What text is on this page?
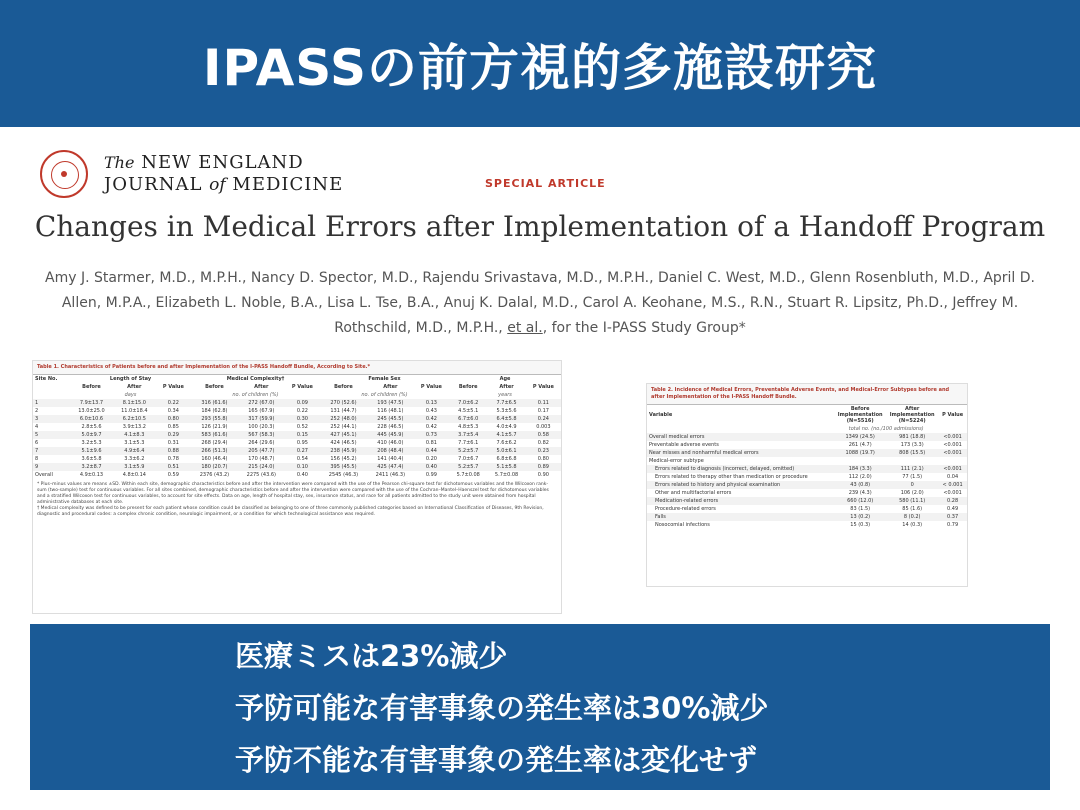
IPASSの前方視的多施設研究
The NEW ENGLAND
JOURNAL of MEDICINE	SPECIAL ARTICLE
Changes in Medical Errors after Implementation of a Handoff Program
Amy J. Starmer, M.D., M.P.H., Nancy D. Spector, M.D., Rajendu Srivastava, M.D., M.P.H., Daniel C. West, M.D., Glenn Rosenbluth, M.D., April D. Allen, M.P.A., Elizabeth L. Noble, B.A., Lisa L. Tse, B.A., Anuj K. Dalal, M.D., Carol A. Keohane, M.S., R.N., Stuart R. Lipsitz, Ph.D., Jeffrey M. Rothschild, M.D., M.P.H., et al., for the I-PASS Study Group*
Table 1. Characteristics of Patients before and after Implementation of the I-PASS Handoff Bundle, According to Site.*
Site No.	Length of Stay			Medical Complexity†			Female Sex			Age		
	Before	After	P Value	Before	After	P Value	Before	After	P Value	Before	After	P Value
	days			no. of children (%)			no. of children (%)			years		
1	7.9±13.7	8.1±15.0	0.22	316 (61.6)	272 (67.0)	0.09	270 (52.6)	193 (47.5)	0.13	7.0±6.2	7.7±6.5	0.11
2	13.0±25.0	11.0±18.4	0.34	184 (62.8)	165 (67.9)	0.22	131 (44.7)	116 (48.1)	0.43	4.5±5.1	5.3±5.6	0.17
3	6.0±10.6	6.2±10.5	0.80	293 (55.8)	317 (59.9)	0.30	252 (48.0)	245 (45.5)	0.42	6.7±6.0	6.4±5.8	0.24
4	2.8±5.6	3.9±13.2	0.85	126 (21.9)	100 (20.3)	0.52	252 (44.1)	228 (46.5)	0.42	4.8±5.3	4.0±4.9	0.003
5	5.0±9.7	4.1±8.3	0.29	583 (61.6)	567 (58.3)	0.15	427 (45.1)	445 (45.9)	0.73	3.7±5.4	4.1±5.7	0.58
6	3.2±5.3	3.1±5.3	0.31	268 (29.4)	264 (29.6)	0.95	424 (46.5)	410 (46.0)	0.81	7.7±6.1	7.6±6.2	0.82
7	5.1±9.6	4.9±6.4	0.88	266 (51.3)	205 (47.7)	0.27	238 (45.9)	208 (48.4)	0.44	5.2±5.7	5.0±6.1	0.23
8	3.6±5.8	3.3±6.2	0.78	160 (46.4)	170 (48.7)	0.54	156 (45.2)	141 (40.4)	0.20	7.0±6.7	6.8±6.8	0.80
9	3.2±8.7	3.1±5.9	0.51	180 (20.7)	215 (24.0)	0.10	395 (45.5)	425 (47.4)	0.40	5.2±5.7	5.1±5.8	0.89
Overall	4.9±0.13	4.8±0.14	0.59	2376 (43.2)	2275 (43.6)	0.40	2545 (46.3)	2411 (46.3)	0.99	5.7±0.08	5.7±0.08	0.90
* Plus–minus values are means ±SD. Within each site, demographic characteristics before and after the intervention were compared with the use of the Pearson chi-square test for dichotomous variables and the Wilcoxon rank-sum (two-sample) test for continuous variables. For all sites combined, demographic characteristics before and after the intervention were compared with the use of the Cochran–Mantel–Haenszel test for dichotomous variables and a stratified Wilcoxon test for continuous variables, to account for site effects. Data on age, length of hospital stay, sex, insurance status, and race for all patients admitted to the study unit were obtained from hospital administrative databases at each site.
† Medical complexity was defined to be present for each patient whose condition could be classified as belonging to one of three commonly published categories based on International Classification of Diseases, 9th Revision, diagnostic and procedural codes: a complex chronic condition, neurologic impairment, or a condition for which technological assistance was required.
Table 2. Incidence of Medical Errors, Preventable Adverse Events, and Medical-Error Subtypes before and after Implementation of the I-PASS Handoff Bundle.
Variable	Before Implementation (N=5516)	After Implementation (N=5224)	P Value
	total no. (no./100 admissions)		
Overall medical errors	1349 (24.5)	981 (18.8)	<0.001
Preventable adverse events	261 (4.7)	173 (3.3)	<0.001
Near misses and nonharmful medical errors	1088 (19.7)	808 (15.5)	<0.001
Medical-error subtype			
Errors related to diagnosis (incorrect, delayed, omitted)	184 (3.3)	111 (2.1)	<0.001
Errors related to therapy other than medication or procedure	112 (2.0)	77 (1.5)	0.04
Errors related to history and physical examination	43 (0.8)	0	< 0.001
Other and multifactorial errors	239 (4.3)	106 (2.0)	<0.001
Medication-related errors	660 (12.0)	580 (11.1)	0.28
Procedure-related errors	83 (1.5)	85 (1.6)	0.49
Falls	13 (0.2)	8 (0.2)	0.37
Nosocomial infections	15 (0.3)	14 (0.3)	0.79
医療ミスは23%減少
予防可能な有害事象の発生率は30%減少
予防不能な有害事象の発生率は変化せず
